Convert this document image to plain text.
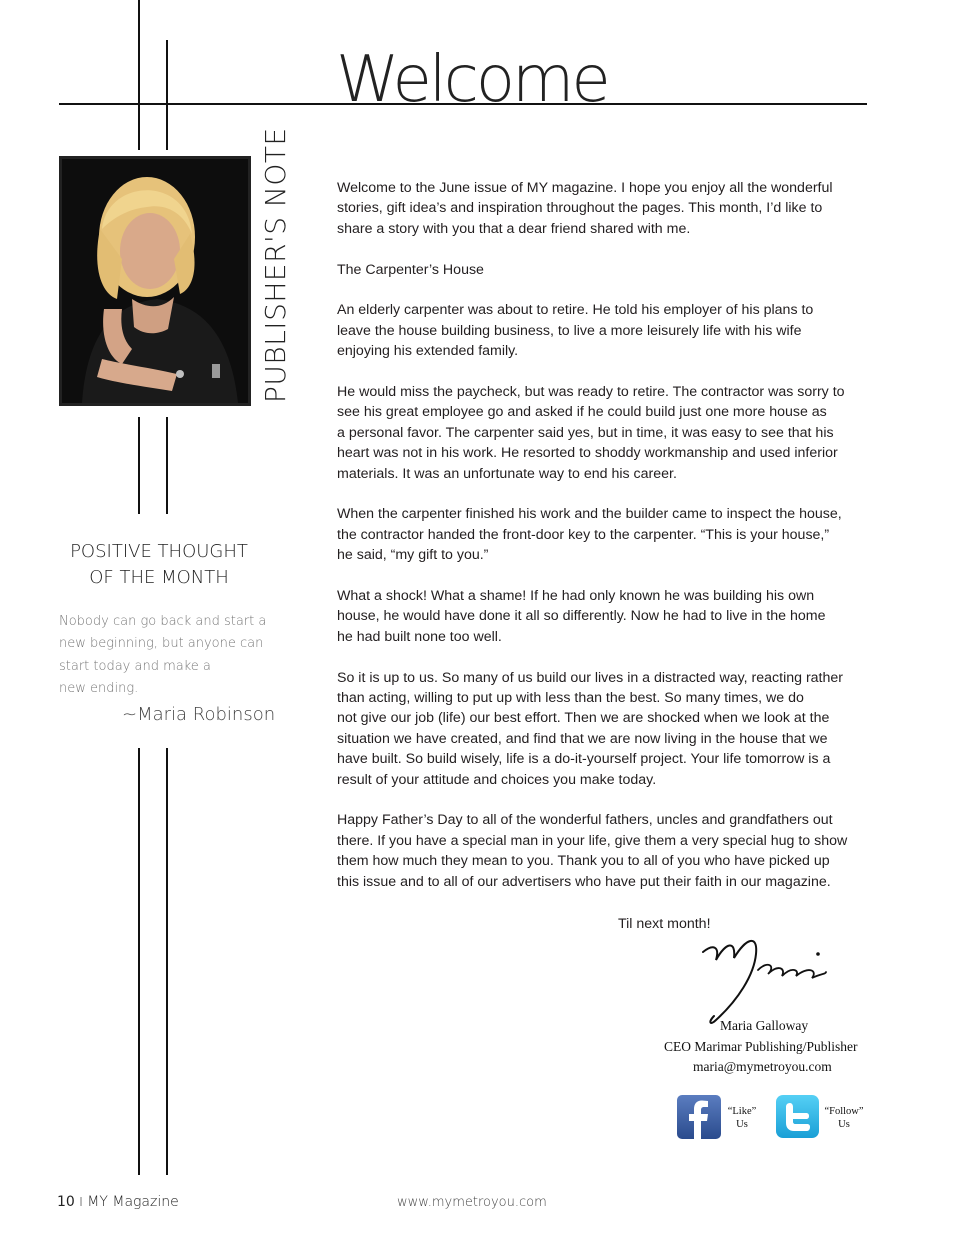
Welcome
PUBLISHER'S NOTE
POSITIVE THOUGHT
OF THE MONTH
Nobody can go back and start a
new beginning, but anyone can
start today and make a
new ending.
~Maria Robinson

Welcome to the June issue of MY magazine. I hope you enjoy all the wonderful
stories, gift idea’s and inspiration throughout the pages. This month, I’d like to
share a story with you that a dear friend shared with me.

The Carpenter’s House

An elderly carpenter was about to retire. He told his employer of his plans to
leave the house building business, to live a more leisurely life with his wife
enjoying his extended family.

He would miss the paycheck, but was ready to retire. The contractor was sorry to
see his great employee go and asked if he could build just one more house as
a personal favor. The carpenter said yes, but in time, it was easy to see that his
heart was not in his work. He resorted to shoddy workmanship and used inferior
materials. It was an unfortunate way to end his career.

When the carpenter finished his work and the builder came to inspect the house,
the contractor handed the front-door key to the carpenter. “This is your house,”
he said, “my gift to you.”

What a shock! What a shame! If he had only known he was building his own
house, he would have done it all so differently. Now he had to live in the home
he had built none too well.

So it is up to us. So many of us build our lives in a distracted way, reacting rather
than acting, willing to put up with less than the best. So many times, we do
not give our job (life) our best effort. Then we are shocked when we look at the
situation we have created, and find that we are now living in the house that we
have built. So build wisely, life is a do-it-yourself project. Your life tomorrow is a
result of your attitude and choices you make today.

Happy Father’s Day to all of the wonderful fathers, uncles and grandfathers out
there. If you have a special man in your life, give them a very special hug to show
them how much they mean to you. Thank you to all of you who have picked up
this issue and to all of our advertisers who have put their faith in our magazine.

Til next month!
Maria Galloway
CEO Marimar Publishing/Publisher
maria@mymetroyou.com
“Like”
Us
“Follow”
Us
10 I MY Magazine	www.mymetroyou.com
